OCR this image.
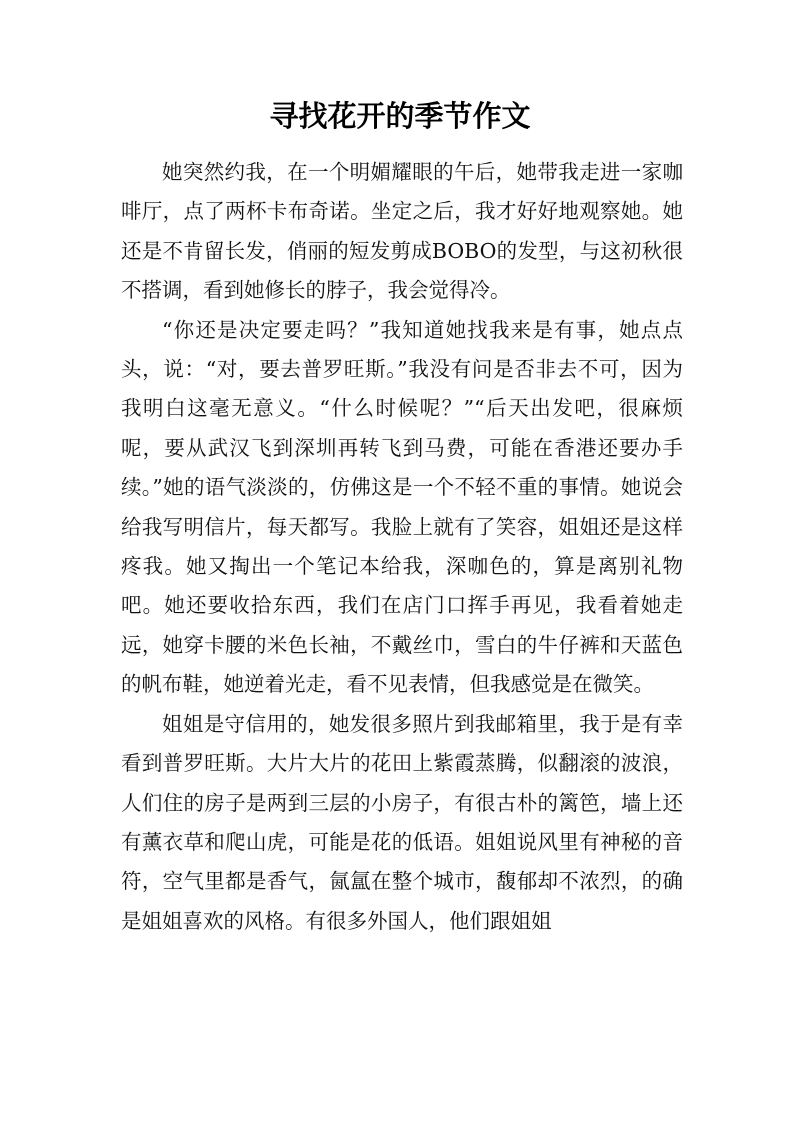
寻找花开的季节作文

她突然约我，在一个明媚耀眼的午后，她带我走进一家咖啡厅，点了两杯卡布奇诺。坐定之后，我才好好地观察她。她还是不肯留长发，俏丽的短发剪成BOBO的发型，与这初秋很不搭调，看到她修长的脖子，我会觉得冷。

“你还是决定要走吗？”我知道她找我来是有事，她点点头，说：“对，要去普罗旺斯。”我没有问是否非去不可，因为我明白这毫无意义。“什么时候呢？”“后天出发吧，很麻烦呢，要从武汉飞到深圳再转飞到马费，可能在香港还要办手续。”她的语气淡淡的，仿佛这是一个不轻不重的事情。她说会给我写明信片，每天都写。我脸上就有了笑容，姐姐还是这样疼我。她又掏出一个笔记本给我，深咖色的，算是离别礼物吧。她还要收拾东西，我们在店门口挥手再见，我看着她走远，她穿卡腰的米色长袖，不戴丝巾，雪白的牛仔裤和天蓝色的帆布鞋，她逆着光走，看不见表情，但我感觉是在微笑。

姐姐是守信用的，她发很多照片到我邮箱里，我于是有幸看到普罗旺斯。大片大片的花田上紫霞蒸腾，似翻滚的波浪，人们住的房子是两到三层的小房子，有很古朴的篱笆，墙上还有薰衣草和爬山虎，可能是花的低语。姐姐说风里有神秘的音符，空气里都是香气，氤氲在整个城市，馥郁却不浓烈，的确是姐姐喜欢的风格。有很多外国人，他们跟姐姐
